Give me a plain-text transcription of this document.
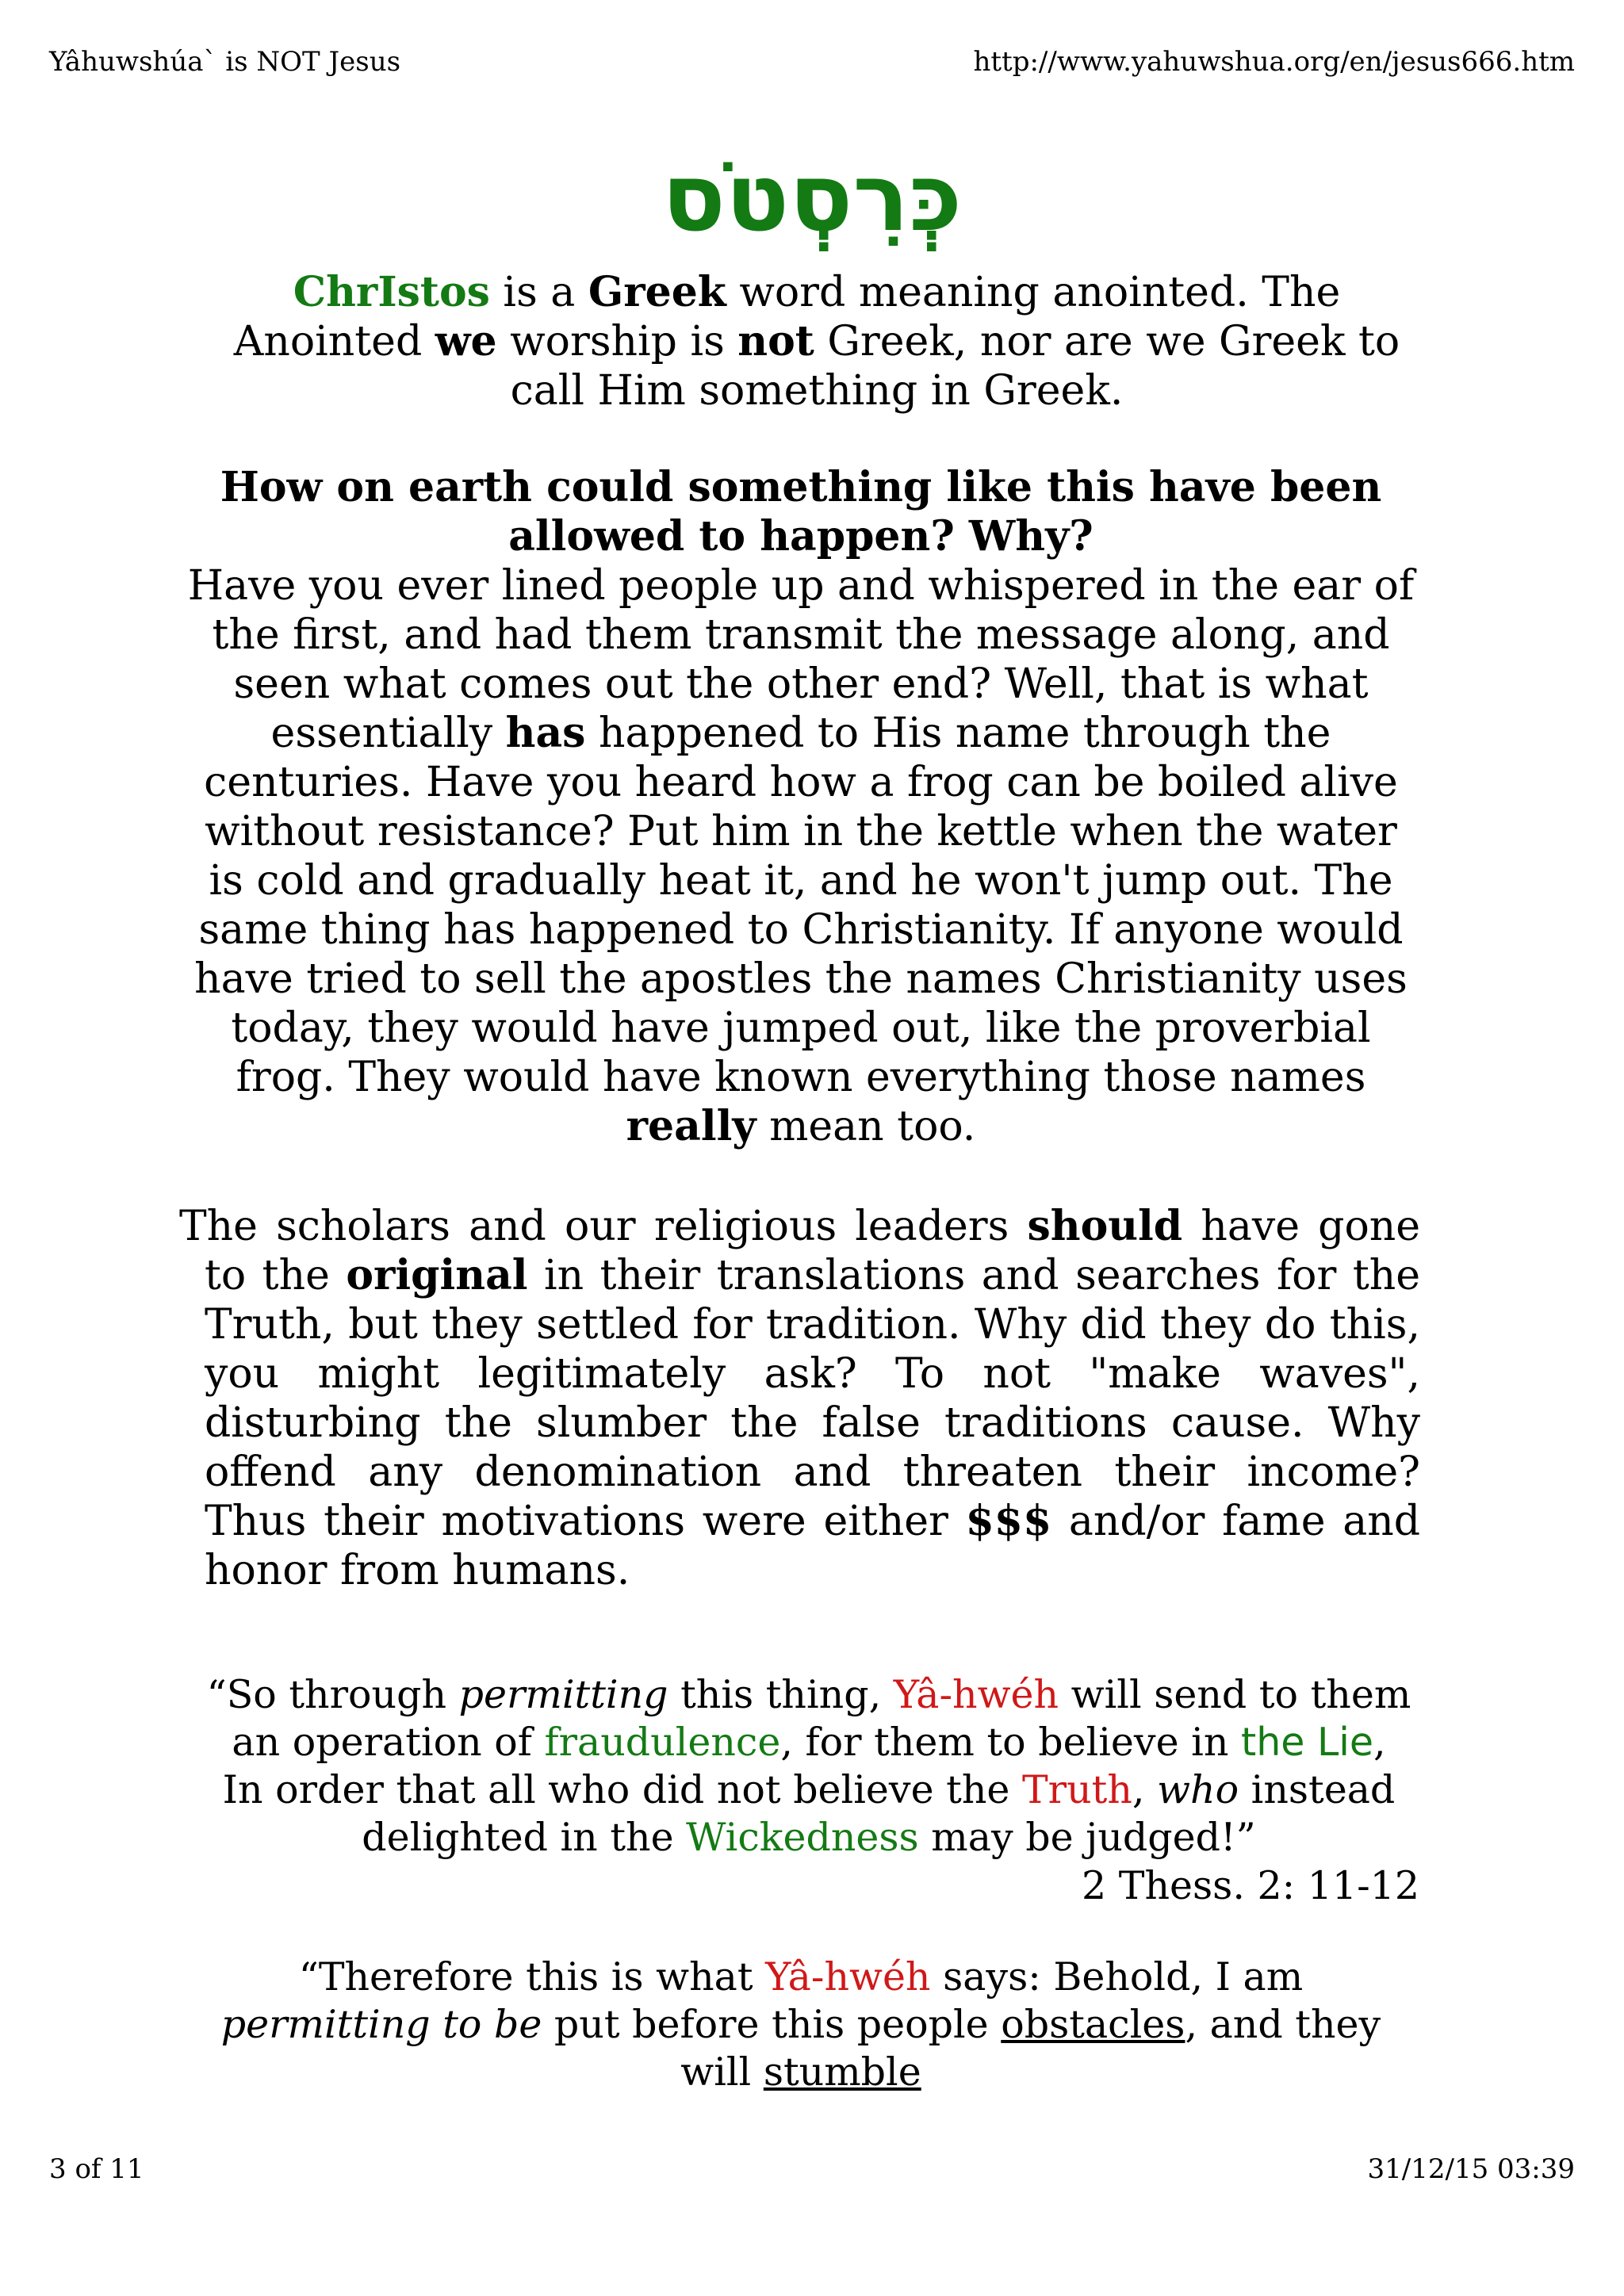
Yâhuwshúa` is NOT Jesus	http://www.yahuwshua.org/en/jesus666.htm
כְּרִסְטֹס
ChrIstos is a Greek word meaning anointed. The Anointed we worship is not Greek, nor are we Greek to call Him something in Greek.
How on earth could something like this have been allowed to happen? Why?
Have you ever lined people up and whispered in the ear of the first, and had them transmit the message along, and seen what comes out the other end? Well, that is what essentially has happened to His name through the centuries. Have you heard how a frog can be boiled alive without resistance? Put him in the kettle when the water is cold and gradually heat it, and he won't jump out. The same thing has happened to Christianity. If anyone would have tried to sell the apostles the names Christianity uses today, they would have jumped out, like the proverbial frog. They would have known everything those names really mean too.
The scholars and our religious leaders should have gone to the original in their translations and searches for the Truth, but they settled for tradition. Why did they do this, you might legitimately ask? To not "make waves", disturbing the slumber the false traditions cause. Why offend any denomination and threaten their income? Thus their motivations were either $$$ and/or fame and honor from humans.
“So through permitting this thing, Yâ-hwéh will send to them an operation of fraudulence, for them to believe in the Lie, In order that all who did not believe the Truth, who instead delighted in the Wickedness may be judged!”
2 Thess. 2: 11-12
“Therefore this is what Yâ-hwéh says: Behold, I am permitting to be put before this people obstacles, and they will stumble
3 of 11	31/12/15 03:39
